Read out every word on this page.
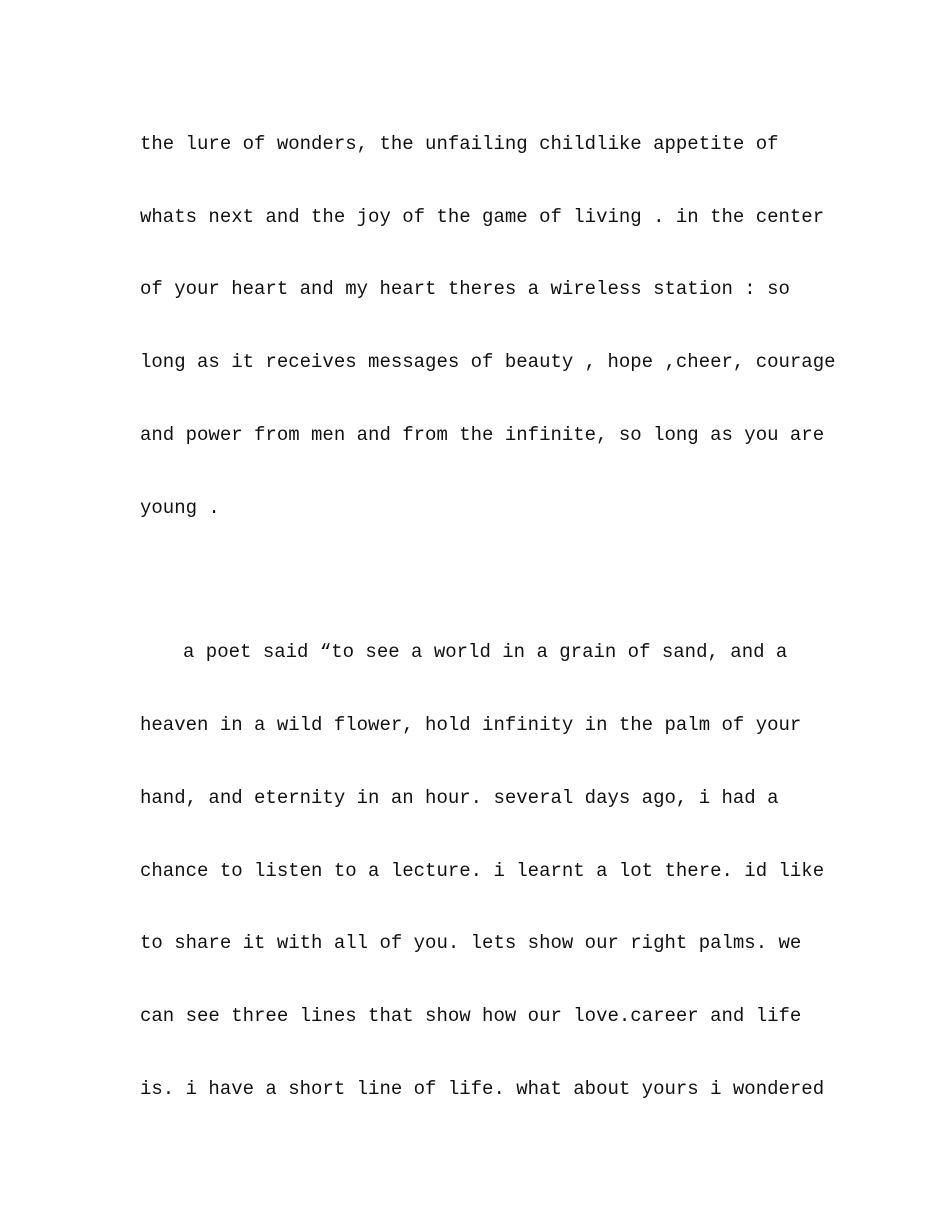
the lure of wonders, the unfailing childlike appetite of

whats next and the joy of the game of living . in the center

of your heart and my heart theres a wireless station : so

long as it receives messages of beauty , hope ,cheer, courage

and power from men and from the infinite, so long as you are

young .

a poet said “to see a world in a grain of sand, and a

heaven in a wild flower, hold infinity in the palm of your

hand, and eternity in an hour. several days ago, i had a

chance to listen to a lecture. i learnt a lot there. id like

to share it with all of you. lets show our right palms. we

can see three lines that show how our love.career and life

is. i have a short line of life. what about yours i wondered
